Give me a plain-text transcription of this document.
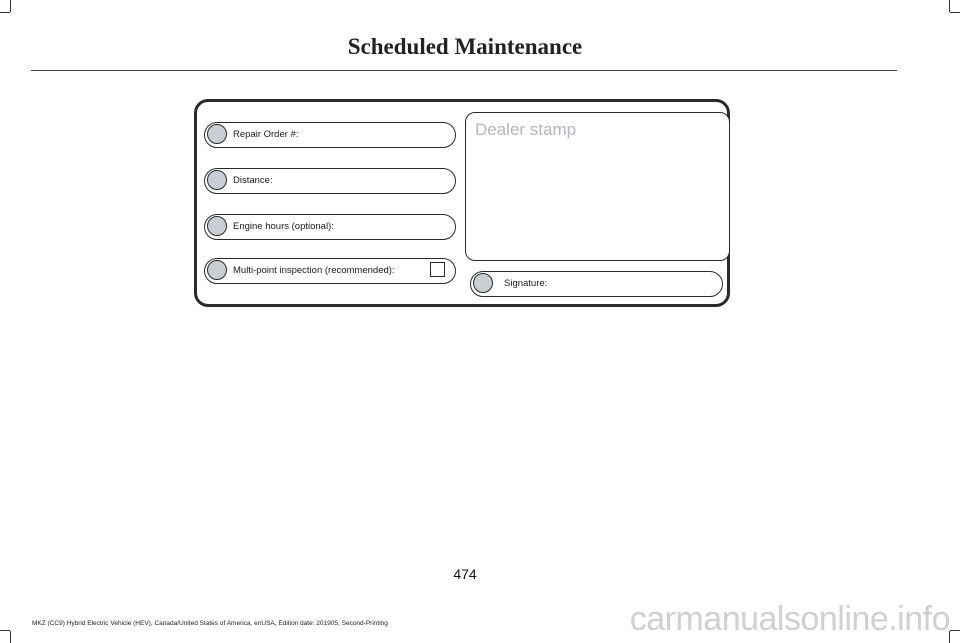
Scheduled Maintenance
Repair Order #:
Distance:
Engine hours (optional):
Multi-point inspection (recommended):
Dealer stamp
Signature:
474
MKZ (CC9) Hybrid Electric Vehicle (HEV), Canada/United States of America, enUSA, Edition date: 201905, Second-Printing	carmanualsonline.info
